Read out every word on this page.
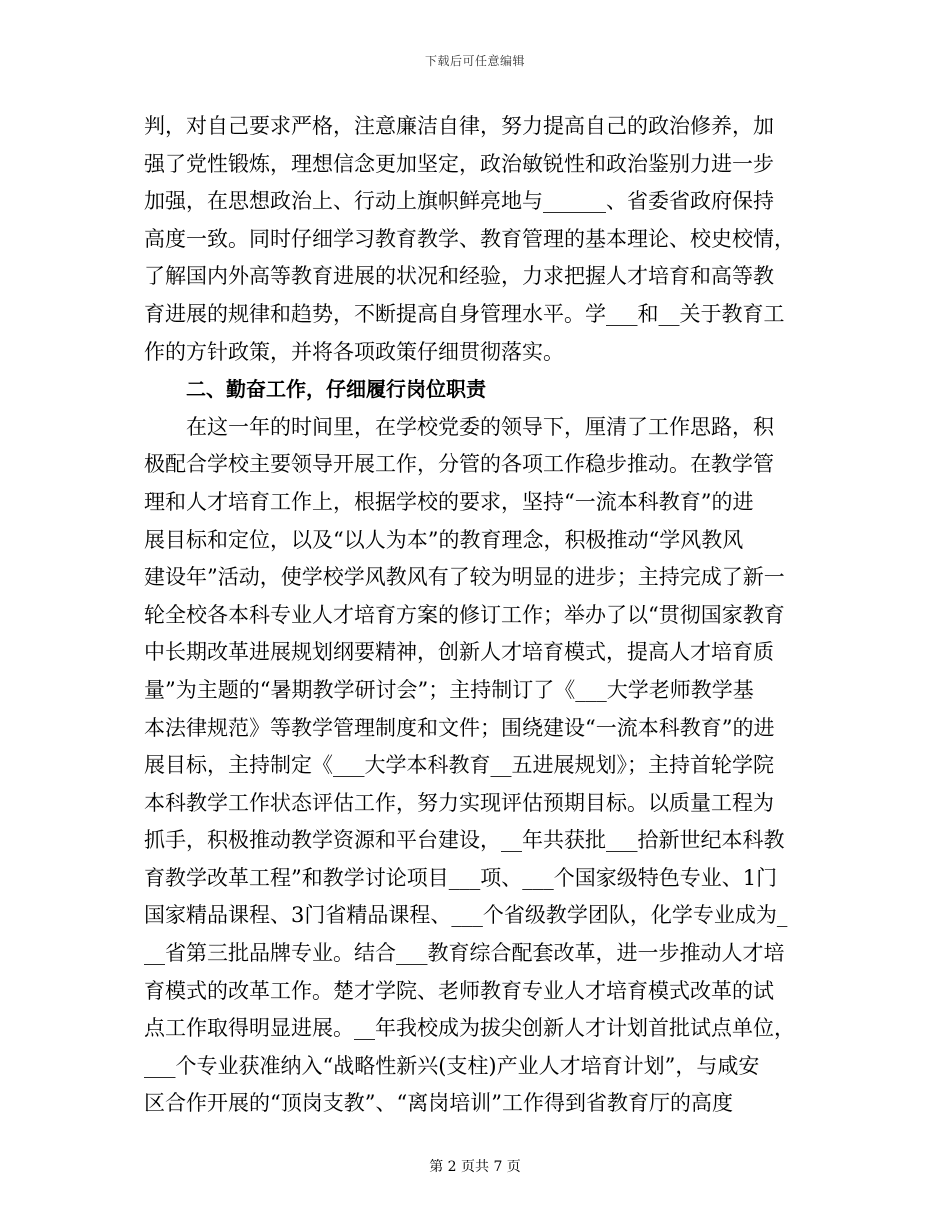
下载后可任意编辑
判，对自己要求严格，注意廉洁自律，努力提高自己的政治修养，加
强了党性锻炼，理想信念更加坚定，政治敏锐性和政治鉴别力进一步
加强，在思想政治上、行动上旗帜鲜亮地与______、省委省政府保持
高度一致。同时仔细学习教育教学、教育管理的基本理论、校史校情，
了解国内外高等教育进展的状况和经验，力求把握人才培育和高等教
育进展的规律和趋势，不断提高自身管理水平。学___和__关于教育工
作的方针政策，并将各项政策仔细贯彻落实。
二、勤奋工作，仔细履行岗位职责
在这一年的时间里，在学校党委的领导下，厘清了工作思路，积
极配合学校主要领导开展工作，分管的各项工作稳步推动。在教学管
理和人才培育工作上，根据学校的要求，坚持“一流本科教育”的进
展目标和定位，以及“以人为本”的教育理念，积极推动“学风教风
建设年”活动，使学校学风教风有了较为明显的进步；主持完成了新一
轮全校各本科专业人才培育方案的修订工作；举办了以“贯彻国家教育
中长期改革进展规划纲要精神，创新人才培育模式，提高人才培育质
量”为主题的“暑期教学研讨会”；主持制订了《___大学老师教学基
本法律规范》等教学管理制度和文件；围绕建设“一流本科教育”的进
展目标，主持制定《___大学本科教育__五进展规划》；主持首轮学院
本科教学工作状态评估工作，努力实现评估预期目标。以质量工程为
抓手，积极推动教学资源和平台建设，__年共获批___拾新世纪本科教
育教学改革工程”和教学讨论项目___项、___个国家级特色专业、1门
国家精品课程、3门省精品课程、___个省级教学团队，化学专业成为_
__省第三批品牌专业。结合___教育综合配套改革，进一步推动人才培
育模式的改革工作。楚才学院、老师教育专业人才培育模式改革的试
点工作取得明显进展。__年我校成为拔尖创新人才计划首批试点单位，
___个专业获准纳入“战略性新兴(支柱)产业人才培育计划”，与咸安
区合作开展的“顶岗支教”、“离岗培训”工作得到省教育厅的高度
第 2 页共 7 页
